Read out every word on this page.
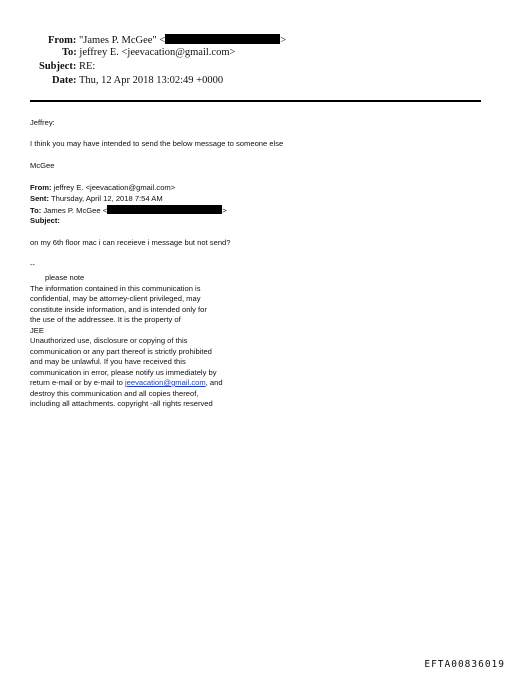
From: "James P. McGee" <	>
To: jeffrey E. <jeevacation@gmail.com>
Subject: RE:
Date: Thu, 12 Apr 2018 13:02:49 +0000
Jeffrey:
I think you may have intended to send the below message to someone else
McGee
From: jeffrey E. <jeevacation@gmail.com>
Sent: Thursday, April 12, 2018 7:54 AM
To: James P. McGee <	>
Subject:
on my 6th floor mac i can receieve i message but not send?
--
please note
The information contained in this communication is
confidential, may be attorney-client privileged, may
constitute inside information, and is intended only for
the use of the addressee. It is the property of
JEE
Unauthorized use, disclosure or copying of this
communication or any part thereof is strictly prohibited
and may be unlawful. If you have received this
communication in error, please notify us immediately by
return e-mail or by e-mail to jeevacation@gmail.com, and
destroy this communication and all copies thereof,
including all attachments. copyright -all rights reserved
EFTA00836019
